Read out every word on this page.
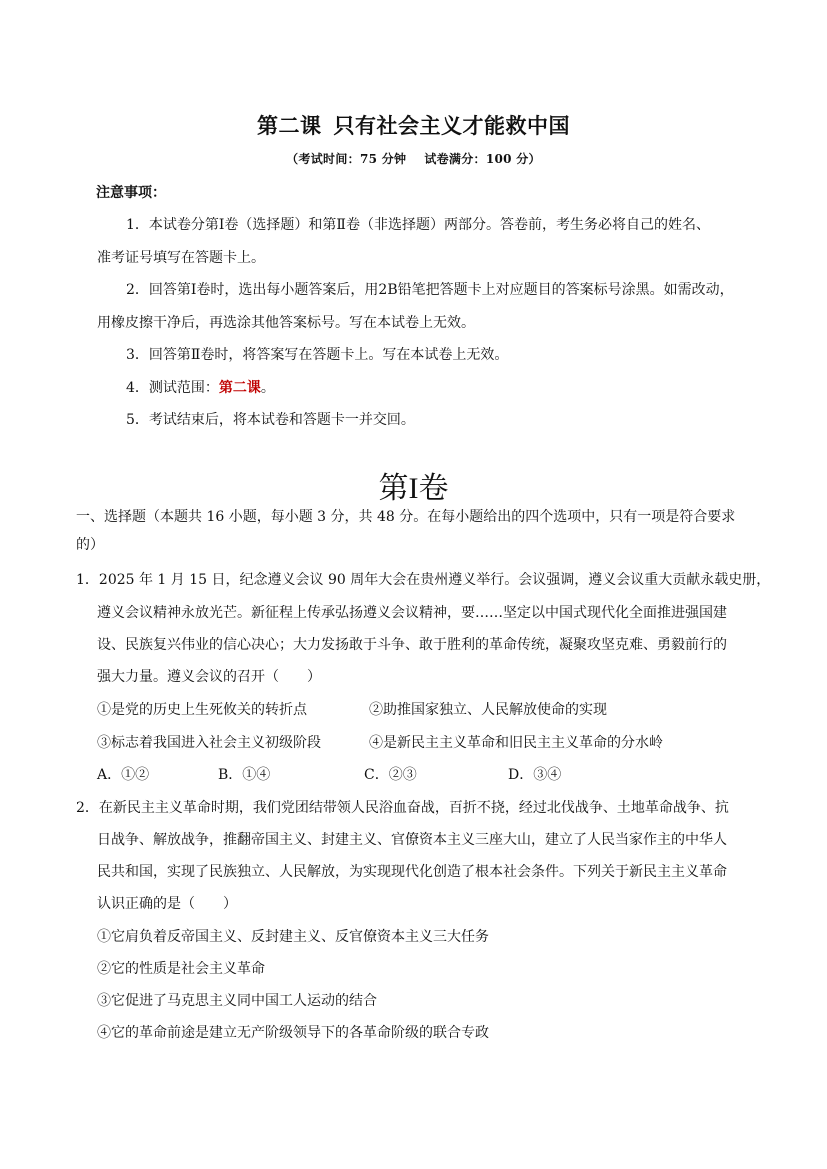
第二课 只有社会主义才能救中国
（考试时间：75 分钟 试卷满分：100 分）
注意事项：
1．本试卷分第Ⅰ卷（选择题）和第Ⅱ卷（非选择题）两部分。答卷前，考生务必将自己的姓名、
准考证号填写在答题卡上。
2．回答第Ⅰ卷时，选出每小题答案后，用2B铅笔把答题卡上对应题目的答案标号涂黑。如需改动，
用橡皮擦干净后，再选涂其他答案标号。写在本试卷上无效。
3．回答第Ⅱ卷时，将答案写在答题卡上。写在本试卷上无效。
4．测试范围：第二课。
5．考试结束后，将本试卷和答题卡一并交回。
第I卷
一、选择题（本题共 16 小题，每小题 3 分，共 48 分。在每小题给出的四个选项中，只有一项是符合要求
的）
1．2025 年 1 月 15 日，纪念遵义会议 90 周年大会在贵州遵义举行。会议强调，遵义会议重大贡献永载史册，
遵义会议精神永放光芒。新征程上传承弘扬遵义会议精神，要……坚定以中国式现代化全面推进强国建
设、民族复兴伟业的信心决心；大力发扬敢于斗争、敢于胜利的革命传统，凝聚攻坚克难、勇毅前行的
强大力量。遵义会议的召开（　　）
①是党的历史上生死攸关的转折点	②助推国家独立、人民解放使命的实现
③标志着我国进入社会主义初级阶段	④是新民主主义革命和旧民主主义革命的分水岭
A．①②	B．①④	C．②③	D．③④
2．在新民主主义革命时期，我们党团结带领人民浴血奋战，百折不挠，经过北伐战争、土地革命战争、抗
日战争、解放战争，推翻帝国主义、封建主义、官僚资本主义三座大山，建立了人民当家作主的中华人
民共和国，实现了民族独立、人民解放，为实现现代化创造了根本社会条件。下列关于新民主主义革命
认识正确的是（　　）
①它肩负着反帝国主义、反封建主义、反官僚资本主义三大任务
②它的性质是社会主义革命
③它促进了马克思主义同中国工人运动的结合
④它的革命前途是建立无产阶级领导下的各革命阶级的联合专政
